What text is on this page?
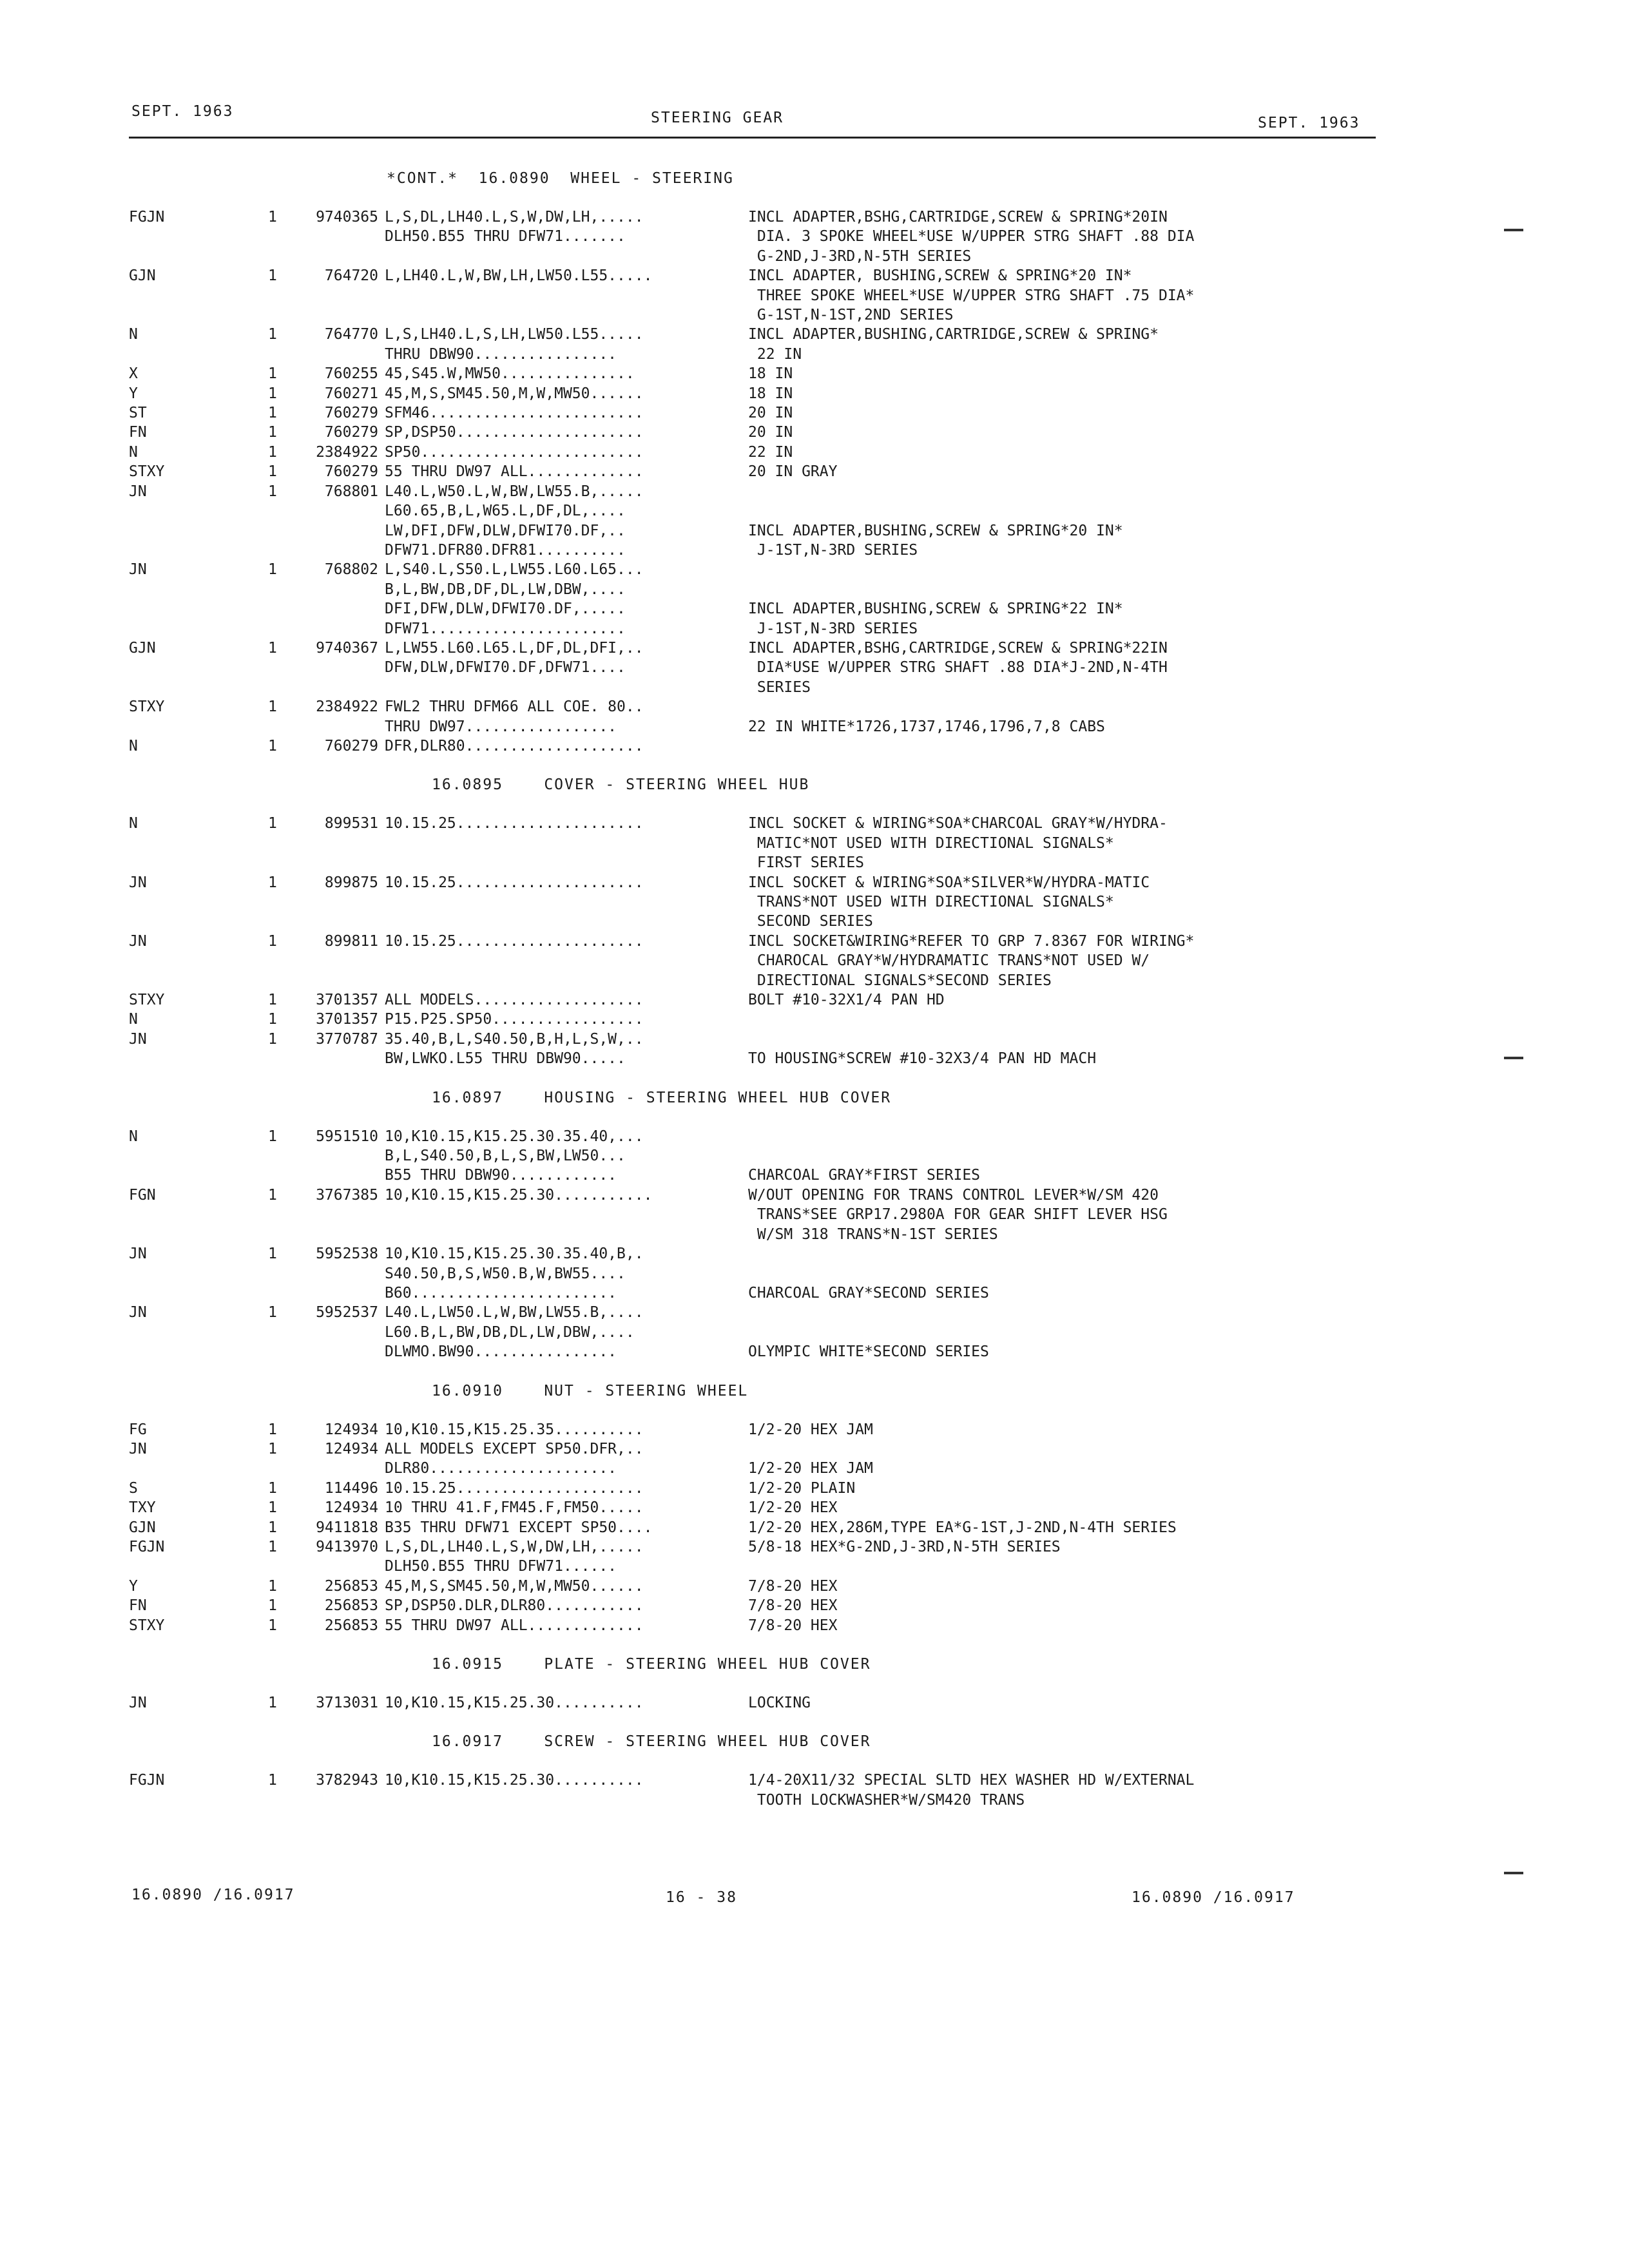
SEPT. 1963	STEERING GEAR	SEPT. 1963
*CONT.*  16.0890  WHEEL - STEERING
FGJN	1	9740365 L,S,DL,LH40.L,S,W,DW,LH,.....	INCL ADAPTER,BSHG,CARTRIDGE,SCREW & SPRING*20IN
DLH50.B55 THRU DFW71.......	DIA. 3 SPOKE WHEEL*USE W/UPPER STRG SHAFT .88 DIA
G-2ND,J-3RD,N-5TH SERIES
GJN	1	764720 L,LH40.L,W,BW,LH,LW50.L55.....	INCL ADAPTER, BUSHING,SCREW & SPRING*20 IN*
THREE SPOKE WHEEL*USE W/UPPER STRG SHAFT .75 DIA*
G-1ST,N-1ST,2ND SERIES
N	1	764770 L,S,LH40.L,S,LH,LW50.L55.....	INCL ADAPTER,BUSHING,CARTRIDGE,SCREW & SPRING*
THRU DBW90................	22 IN
X	1	760255 45,S45.W,MW50...............	18 IN
Y	1	760271 45,M,S,SM45.50,M,W,MW50......	18 IN
ST	1	760279 SFM46........................	20 IN
FN	1	760279 SP,DSP50.....................	20 IN
N	1	2384922 SP50.........................	22 IN
STXY	1	760279 55 THRU DW97 ALL.............	20 IN GRAY
JN	1	768801 L40.L,W50.L,W,BW,LW55.B,.....
L60.65,B,L,W65.L,DF,DL,....
LW,DFI,DFW,DLW,DFWI70.DF,..	INCL ADAPTER,BUSHING,SCREW & SPRING*20 IN*
DFW71.DFR80.DFR81..........	J-1ST,N-3RD SERIES
JN	1	768802 L,S40.L,S50.L,LW55.L60.L65...
B,L,BW,DB,DF,DL,LW,DBW,....
DFI,DFW,DLW,DFWI70.DF,.....	INCL ADAPTER,BUSHING,SCREW & SPRING*22 IN*
DFW71......................	J-1ST,N-3RD SERIES
GJN	1	9740367 L,LW55.L60.L65.L,DF,DL,DFI,..	INCL ADAPTER,BSHG,CARTRIDGE,SCREW & SPRING*22IN
DFW,DLW,DFWI70.DF,DFW71....	DIA*USE W/UPPER STRG SHAFT .88 DIA*J-2ND,N-4TH
SERIES
STXY	1	2384922 FWL2 THRU DFM66 ALL COE. 80..
THRU DW97.................	22 IN WHITE*1726,1737,1746,1796,7,8 CABS
N	1	760279 DFR,DLR80....................
16.0895    COVER - STEERING WHEEL HUB
N	1	899531 10.15.25.....................	INCL SOCKET & WIRING*SOA*CHARCOAL GRAY*W/HYDRA-
MATIC*NOT USED WITH DIRECTIONAL SIGNALS*
FIRST SERIES
JN	1	899875 10.15.25.....................	INCL SOCKET & WIRING*SOA*SILVER*W/HYDRA-MATIC
TRANS*NOT USED WITH DIRECTIONAL SIGNALS*
SECOND SERIES
JN	1	899811 10.15.25.....................	INCL SOCKET&WIRING*REFER TO GRP 7.8367 FOR WIRING*
CHAROCAL GRAY*W/HYDRAMATIC TRANS*NOT USED W/
DIRECTIONAL SIGNALS*SECOND SERIES
STXY	1	3701357 ALL MODELS...................	BOLT #10-32X1/4 PAN HD
N	1	3701357 P15.P25.SP50.................
JN	1	3770787 35.40,B,L,S40.50,B,H,L,S,W,..
BW,LWKO.L55 THRU DBW90.....	TO HOUSING*SCREW #10-32X3/4 PAN HD MACH
16.0897    HOUSING - STEERING WHEEL HUB COVER
N	1	5951510 10,K10.15,K15.25.30.35.40,...
B,L,S40.50,B,L,S,BW,LW50...
B55 THRU DBW90............	CHARCOAL GRAY*FIRST SERIES
FGN	1	3767385 10,K10.15,K15.25.30...........	W/OUT OPENING FOR TRANS CONTROL LEVER*W/SM 420
TRANS*SEE GRP17.2980A FOR GEAR SHIFT LEVER HSG
W/SM 318 TRANS*N-1ST SERIES
JN	1	5952538 10,K10.15,K15.25.30.35.40,B,.
S40.50,B,S,W50.B,W,BW55....
B60.......................	CHARCOAL GRAY*SECOND SERIES
JN	1	5952537 L40.L,LW50.L,W,BW,LW55.B,....
L60.B,L,BW,DB,DL,LW,DBW,....
DLWMO.BW90................	OLYMPIC WHITE*SECOND SERIES
16.0910    NUT - STEERING WHEEL
FG	1	124934 10,K10.15,K15.25.35..........	1/2-20 HEX JAM
JN	1	124934 ALL MODELS EXCEPT SP50.DFR,..
DLR80.....................	1/2-20 HEX JAM
S	1	114496 10.15.25.....................	1/2-20 PLAIN
TXY	1	124934 10 THRU 41.F,FM45.F,FM50.....	1/2-20 HEX
GJN	1	9411818 B35 THRU DFW71 EXCEPT SP50....	1/2-20 HEX,286M,TYPE EA*G-1ST,J-2ND,N-4TH SERIES
FGJN	1	9413970 L,S,DL,LH40.L,S,W,DW,LH,.....	5/8-18 HEX*G-2ND,J-3RD,N-5TH SERIES
DLH50.B55 THRU DFW71......
Y	1	256853 45,M,S,SM45.50,M,W,MW50......	7/8-20 HEX
FN	1	256853 SP,DSP50.DLR,DLR80...........	7/8-20 HEX
STXY	1	256853 55 THRU DW97 ALL.............	7/8-20 HEX
16.0915    PLATE - STEERING WHEEL HUB COVER
JN	1	3713031 10,K10.15,K15.25.30..........	LOCKING
16.0917    SCREW - STEERING WHEEL HUB COVER
FGJN	1	3782943 10,K10.15,K15.25.30..........	1/4-20X11/32 SPECIAL SLTD HEX WASHER HD W/EXTERNAL
TOOTH LOCKWASHER*W/SM420 TRANS
16.0890 /16.0917	16 - 38	16.0890 /16.0917
